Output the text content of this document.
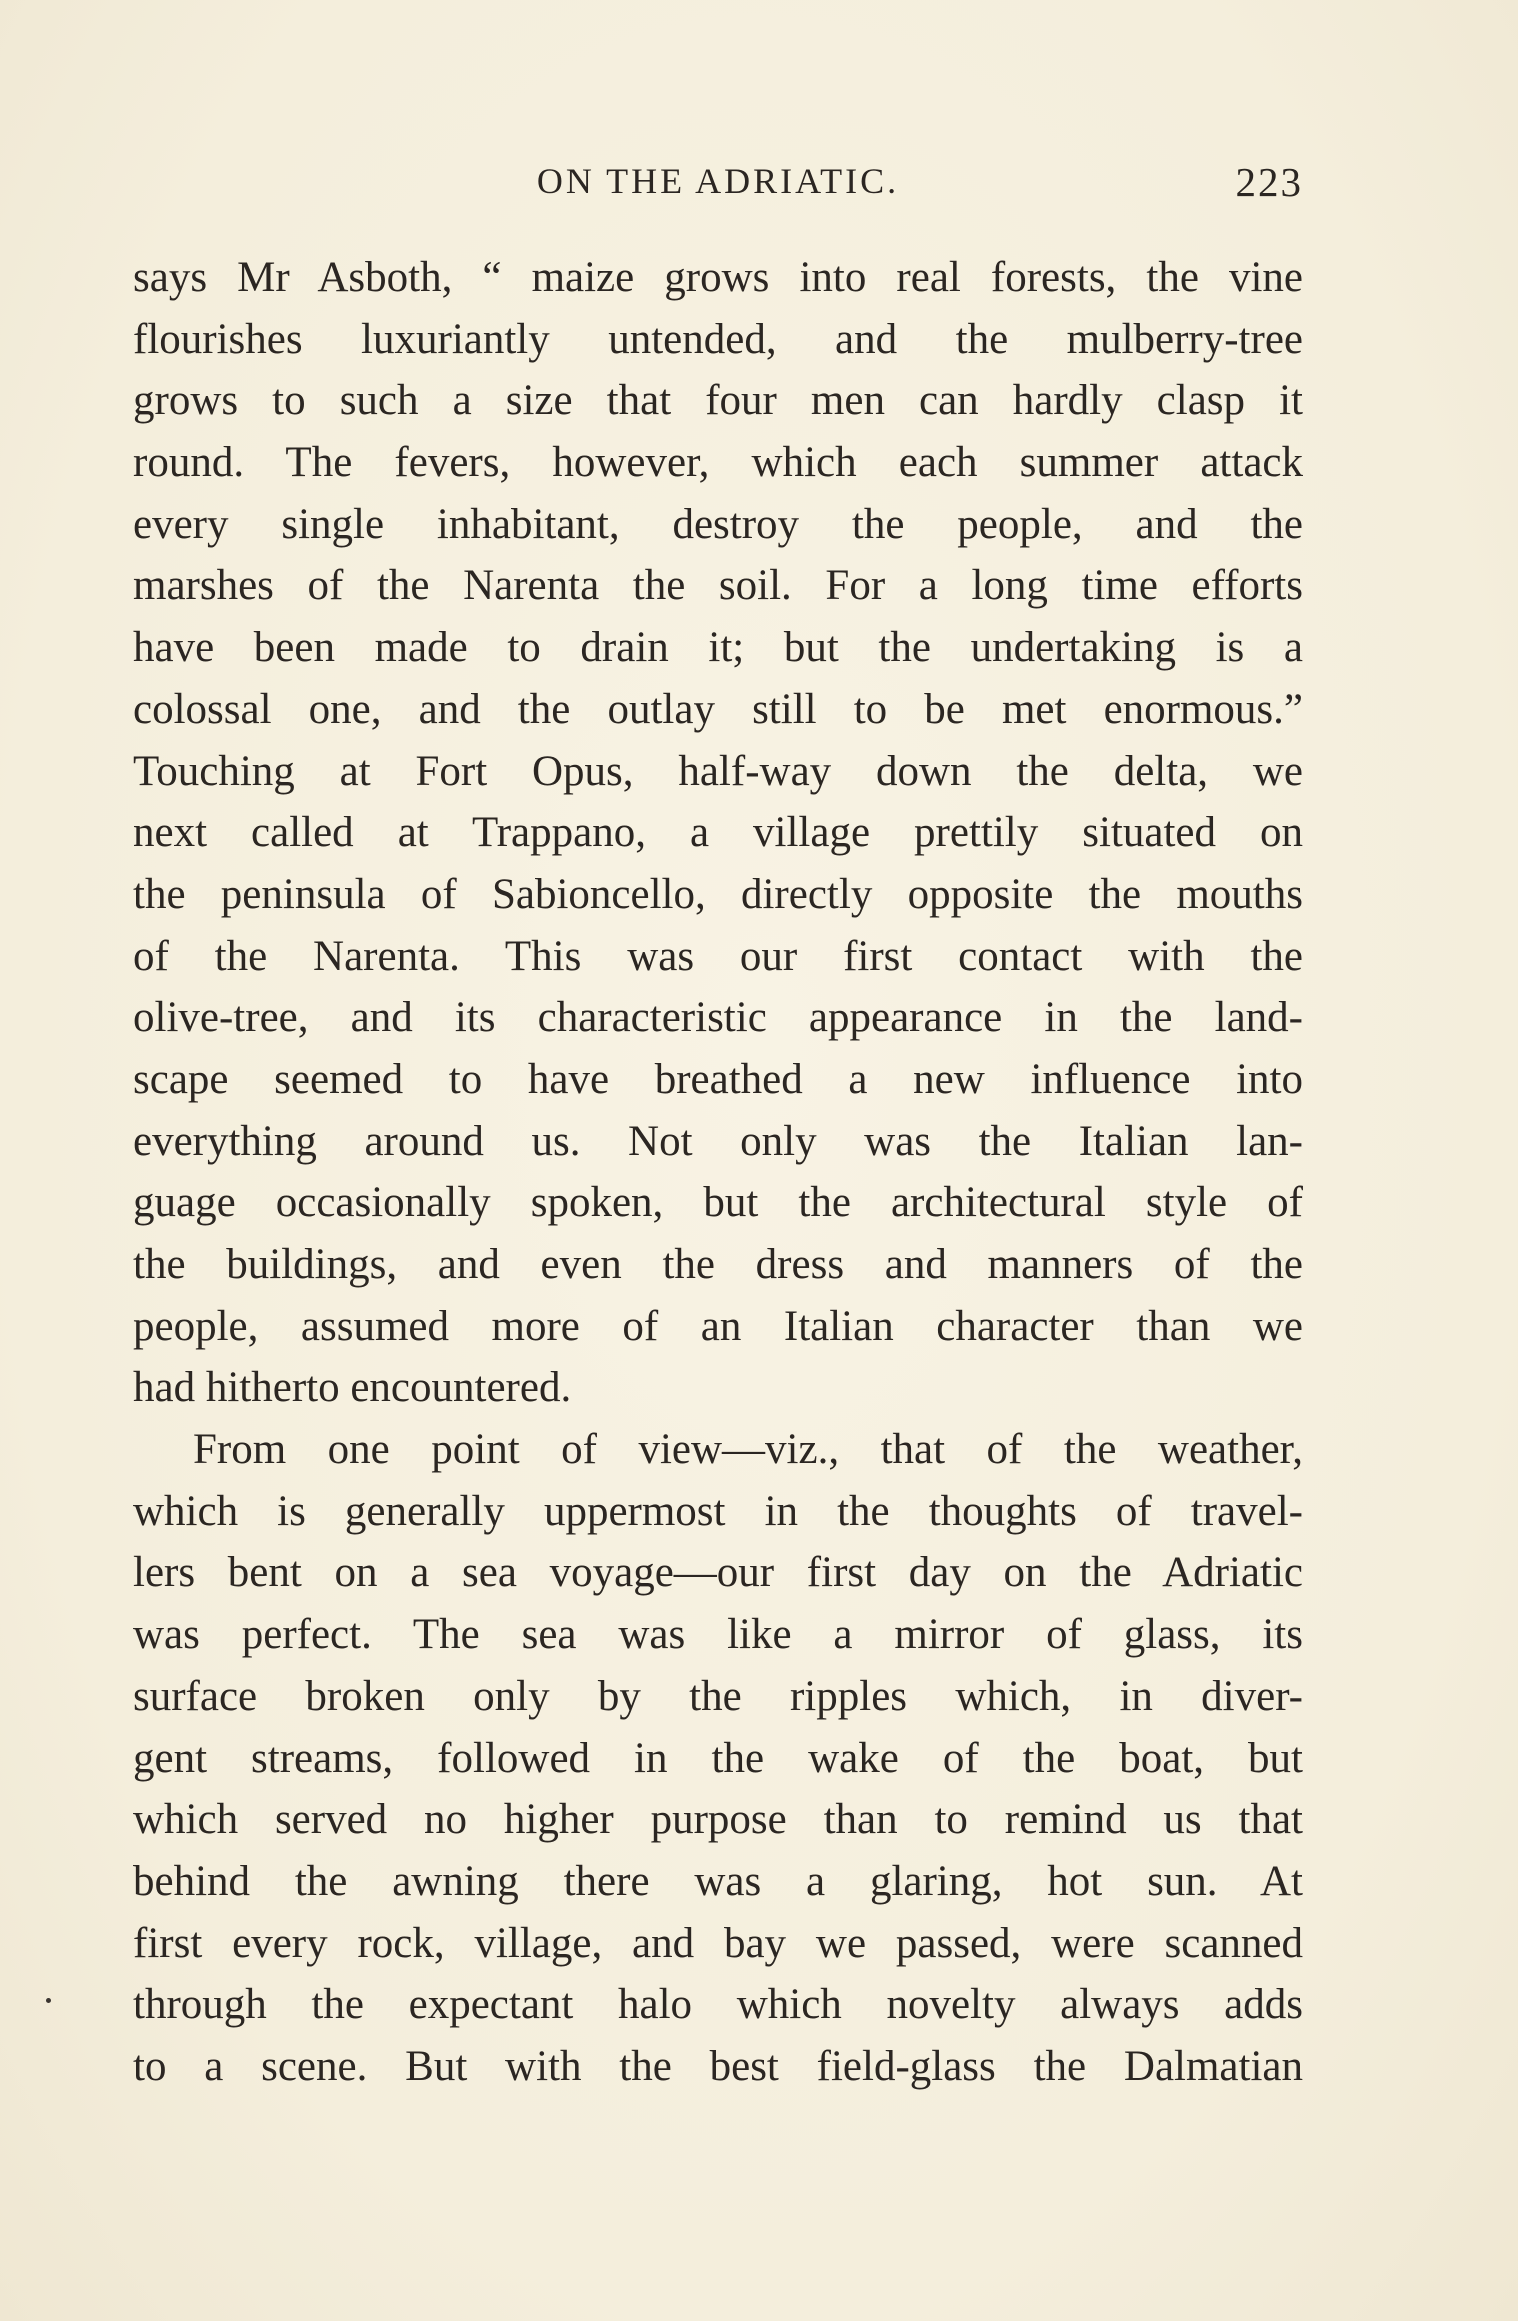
ON THE ADRIATIC.	223
says Mr Asboth, “ maize grows into real forests, the vine
flourishes luxuriantly untended, and the mulberry-tree
grows to such a size that four men can hardly clasp it
round. The fevers, however, which each summer attack
every single inhabitant, destroy the people, and the
marshes of the Narenta the soil. For a long time efforts
have been made to drain it; but the undertaking is a
colossal one, and the outlay still to be met enormous.”
Touching at Fort Opus, half-way down the delta, we
next called at Trappano, a village prettily situated on
the peninsula of Sabioncello, directly opposite the mouths
of the Narenta. This was our first contact with the
olive-tree, and its characteristic appearance in the land-
scape seemed to have breathed a new influence into
everything around us. Not only was the Italian lan-
guage occasionally spoken, but the architectural style of
the buildings, and even the dress and manners of the
people, assumed more of an Italian character than we
had hitherto encountered.
From one point of view—viz., that of the weather,
which is generally uppermost in the thoughts of travel-
lers bent on a sea voyage—our first day on the Adriatic
was perfect. The sea was like a mirror of glass, its
surface broken only by the ripples which, in diver-
gent streams, followed in the wake of the boat, but
which served no higher purpose than to remind us that
behind the awning there was a glaring, hot sun. At
first every rock, village, and bay we passed, were scanned
through the expectant halo which novelty always adds
to a scene. But with the best field-glass the Dalmatian
